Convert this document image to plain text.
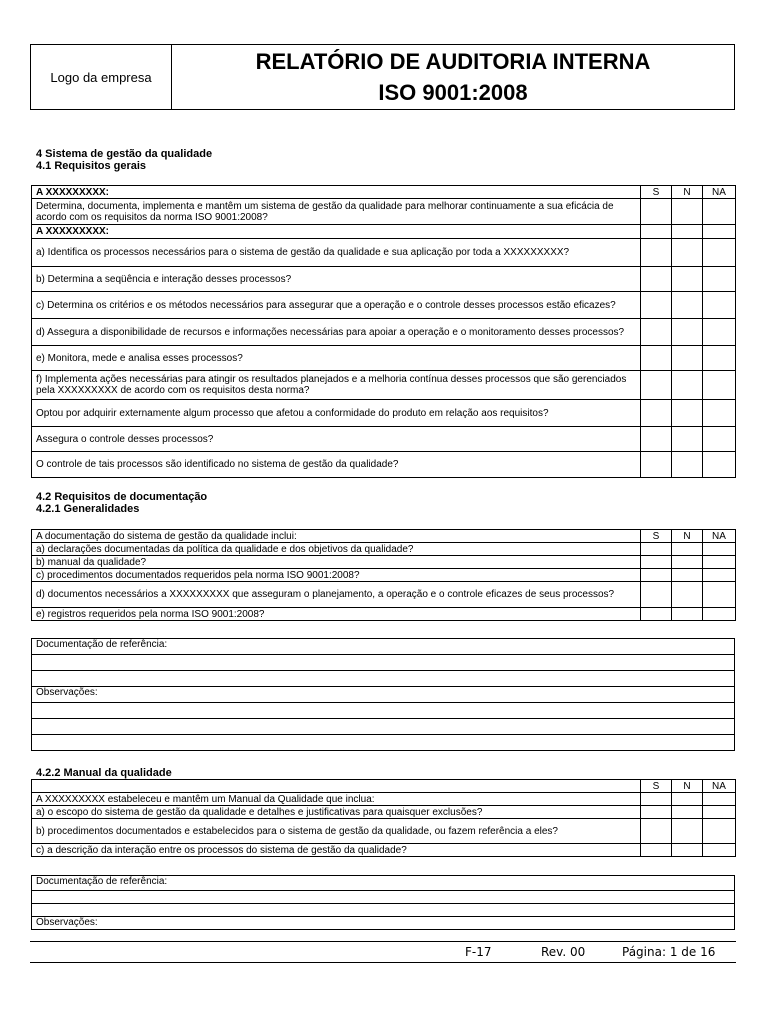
Logo da empresa
RELATÓRIO DE AUDITORIA INTERNA
ISO 9001:2008
4 Sistema de gestão da qualidade
4.1 Requisitos gerais
A XXXXXXXXX:	S	N	NA
Determina, documenta, implementa e mantêm um sistema de gestão da qualidade para melhorar continuamente a sua eficácia de acordo com os requisitos da norma ISO 9001:2008?			
A XXXXXXXXX:			
a) Identifica os processos necessários para o sistema de gestão da qualidade e sua aplicação por toda a XXXXXXXXX?			
b) Determina a seqüência e interação desses processos?			
c) Determina os critérios e os métodos necessários para assegurar que a operação e o controle desses processos estão eficazes?			
d) Assegura a disponibilidade de recursos e informações necessárias para apoiar a operação e o monitoramento desses processos?			
e) Monitora, mede e analisa esses processos?			
f) Implementa ações necessárias para atingir os resultados planejados e a melhoria contínua desses processos que são gerenciados pela XXXXXXXXX de acordo com os requisitos desta norma?			
Optou por adquirir externamente algum processo que afetou a conformidade do produto em relação aos requisitos?			
Assegura o controle desses processos?			
O controle de tais processos são identificado no sistema de gestão da qualidade?			
4.2 Requisitos de documentação
4.2.1 Generalidades
A documentação do sistema de gestão da qualidade inclui:	S	N	NA
a) declarações documentadas da política da qualidade e dos objetivos da qualidade?			
b) manual da qualidade?			
c) procedimentos documentados requeridos pela norma ISO 9001:2008?			
d) documentos necessários a XXXXXXXXX que asseguram o planejamento, a operação e o controle eficazes de seus processos?			
e) registros requeridos pela norma ISO 9001:2008?			
Documentação de referência:

Observações:

4.2.2 Manual da qualidade
	S	N	NA
A XXXXXXXXX estabeleceu e mantêm um Manual da Qualidade que inclua:			
a) o escopo do sistema de gestão da qualidade e detalhes e justificativas para quaisquer exclusões?			
b) procedimentos documentados e estabelecidos para o sistema de gestão da qualidade, ou fazem referência a eles?			
c) a descrição da interação entre os processos do sistema de gestão da qualidade?			
Documentação de referência:

Observações:
F-17	Rev. 00	Página: 1 de 16
